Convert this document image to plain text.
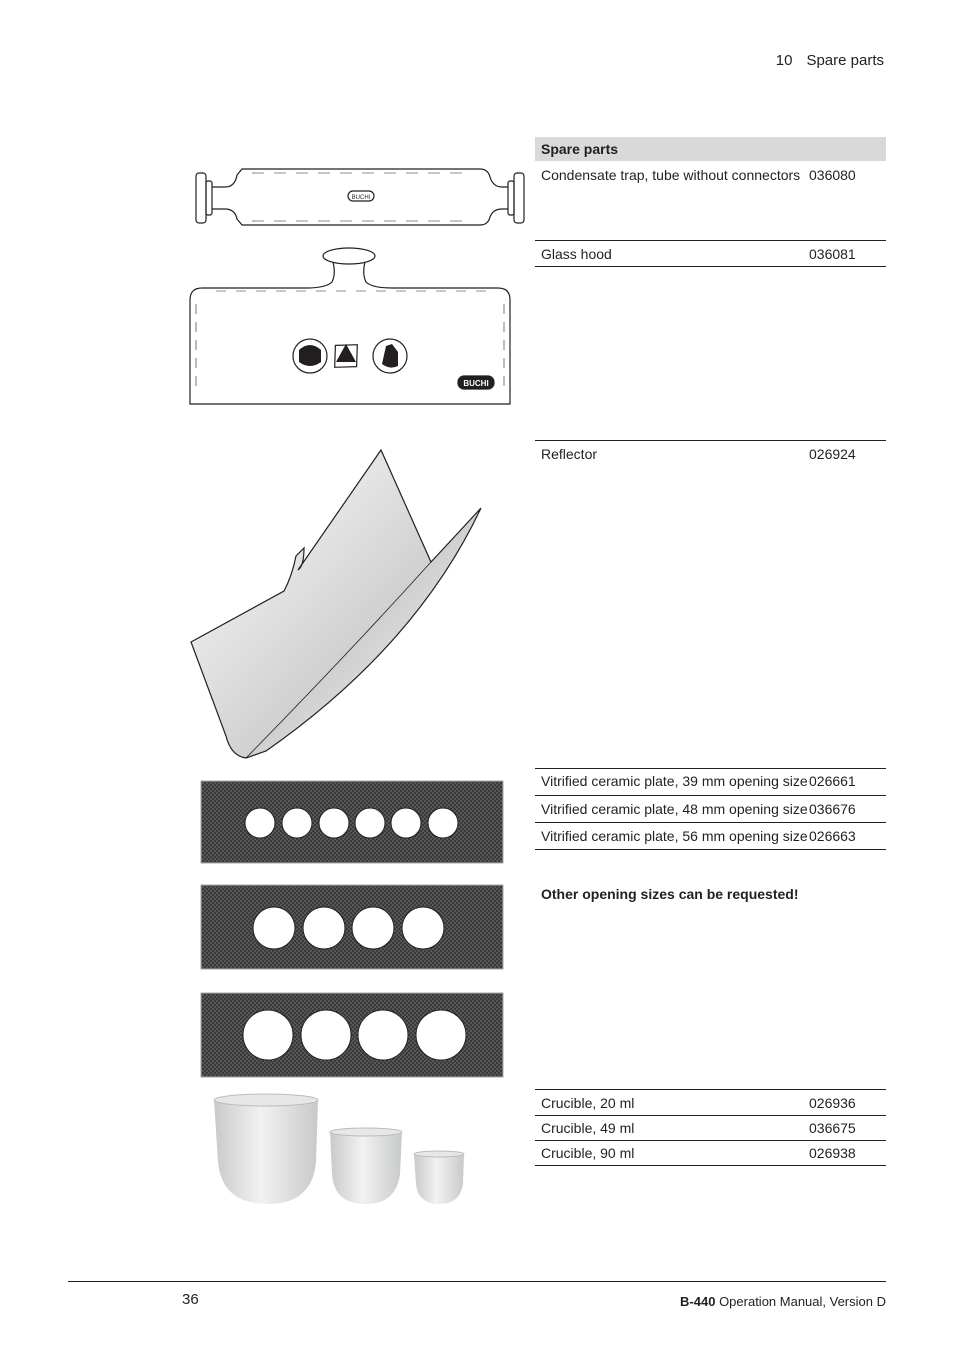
10 Spare parts
Spare parts
Condensate trap, tube without connectors 036080
Glass hood	036081
Reflector	026924
Vitrified ceramic plate, 39 mm opening size 026661
Vitrified ceramic plate, 48 mm opening size 036676
Vitrified ceramic plate, 56 mm opening size 026663
Other opening sizes can be requested!
Crucible, 20 ml	026936
Crucible, 49 ml	036675
Crucible, 90 ml	026938
BUCHI
BUCHI
36	B-440 Operation Manual, Version D
